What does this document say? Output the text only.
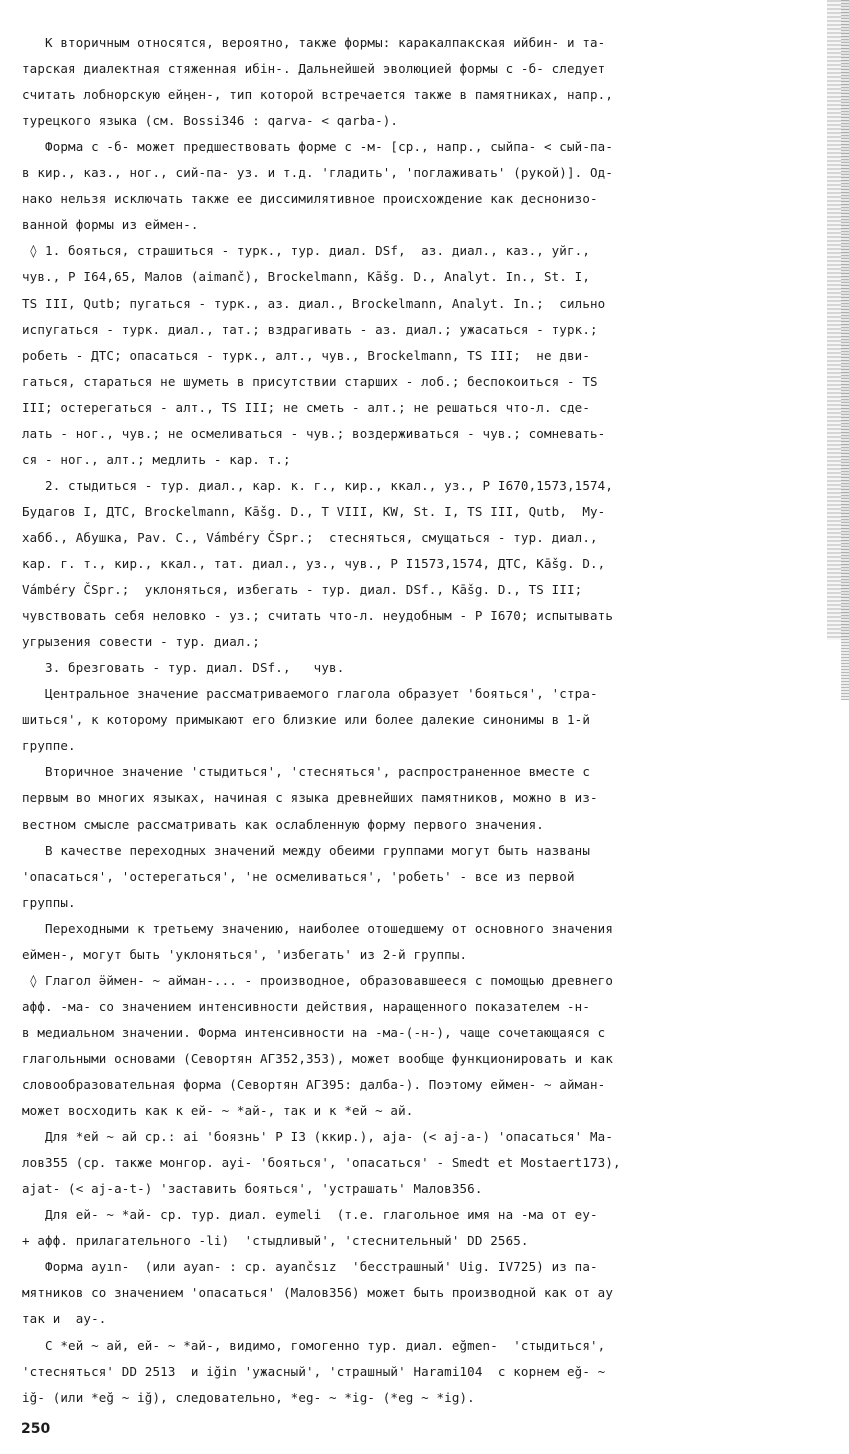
К вторичным относятся, вероятно, также формы: каракалпакская ийбин- и та-
тарская диалектная стяженная ибiн-. Дальнейшей эволюцией формы с -б- следует
считать лобнорскую ейӊен-, тип которой встречается также в памятниках, напр.,
турецкого языка (см. Bossi346 : qarva- < qarba-).
Форма с -б- может предшествовать форме с -м- [ср., напр., сыйпа- < сый-па-
в кир., каз., ног., сий-па- уз. и т.д. 'гладить', 'поглаживать' (рукой)]. Од-
нако нельзя исключать также ее диссимилятивное происхождение как деснонизо-
ванной формы из еймен-.
◊ 1. бояться, страшиться - турк., тур. диал. DSf,  аз. диал., каз., уйг.,
чув., Р I64,65, Малов (aimanč), Brockelmann, Kāšg. D., Analyt. In., St. I,
TS III, Qutb; пугаться - турк., аз. диал., Brockelmann, Analyt. In.;  сильно
испугаться - турк. диал., тат.; вздрагивать - аз. диал.; ужасаться - турк.;
робеть - ДТС; опасаться - турк., алт., чув., Brockelmann, TS III;  не дви-
гаться, стараться не шуметь в присутствии старших - лоб.; беспокоиться - TS
III; остерегаться - алт., TS III; не сметь - алт.; не решаться что-л. сде-
лать - ног., чув.; не осмеливаться - чув.; воздерживаться - чув.; сомневать-
ся - ног., алт.; медлить - кар. т.;
2. стыдиться - тур. диал., кар. к. г., кир., ккал., уз., Р I670,1573,1574,
Будагов I, ДТС, Brockelmann, Kāšg. D., T VIII, KW, St. I, TS III, Qutb,  Му-
хабб., Абушка, Pav. C., Vámbéry ČSpr.;  стесняться, смущаться - тур. диал.,
кар. г. т., кир., ккал., тат. диал., уз., чув., Р I1573,1574, ДТС, Kāšg. D.,
Vámbéry ČSpr.;  уклоняться, избегать - тур. диал. DSf., Kāšg. D., TS III;
чувствовать себя неловко - уз.; считать что-л. неудобным - Р I670; испытывать
угрызения совести - тур. диал.;
3. брезговать - тур. диал. DSf.,   чув.
Центральное значение рассматриваемого глагола образует 'бояться', 'стра-
шиться', к которому примыкают его близкие или более далекие синонимы в 1-й
группе.
Вторичное значение 'стыдиться', 'стесняться', распространенное вместе с
первым во многих языках, начиная с языка древнейших памятников, можно в из-
вестном смысле рассматривать как ослабленную форму первого значения.
В качестве переходных значений между обеими группами могут быть названы
'опасаться', 'остерегаться', 'не осмеливаться', 'робеть' - все из первой
группы.
Переходными к третьему значению, наиболее отошедшему от основного значения
еймен-, могут быть 'уклоняться', 'избегать' из 2-й группы.
◊ Глагол ӛймен- ~ айман-... - производное, образовавшееся с помощью древнего
афф. -ма- со значением интенсивности действия, наращенного показателем -н-
в медиальном значении. Форма интенсивности на -ма-(-н-), чаще сочетающаяся с
глагольными основами (Севортян АГ352,353), может вообще функционировать и как
словообразовательная форма (Севортян АГ395: далба-). Поэтому еймен- ~ айман-
может восходить как к ей- ~ *ай-, так и к *ей ~ ай.
Для *ей ~ ай ср.: ai 'боязнь' Р I3 (ккир.), aja- (< aj-a-) 'опасаться' Ма-
лов355 (ср. также монгор. ayi- 'бояться', 'опасаться' - Smedt et Mostaert173),
ajat- (< aj-a-t-) 'заставить бояться', 'устрашать' Малов356.
Для ей- ~ *ай- ср. тур. диал. eymeli  (т.е. глагольное имя на -ма от еу-
+ афф. прилагательного -li)  'стыдливый', 'стеснительный' DD 2565.
Форма ayın-  (или ayan- : ср. ayančsız  'бесстрашный' Uig. IV725) из па-
мятников со значением 'опасаться' (Малов356) может быть производной как от ау
так и  ау-.
С *ей ~ ай, ей- ~ *ай-, видимо, гомогенно тур. диал. eğmen-  'стыдиться',
'стесняться' DD 2513  и iğin 'ужасный', 'страшный' Harami104  с корнем eğ- ~
iğ- (или *eğ ~ iğ), следовательно, *eg- ~ *ig- (*eg ~ *ig).
250
